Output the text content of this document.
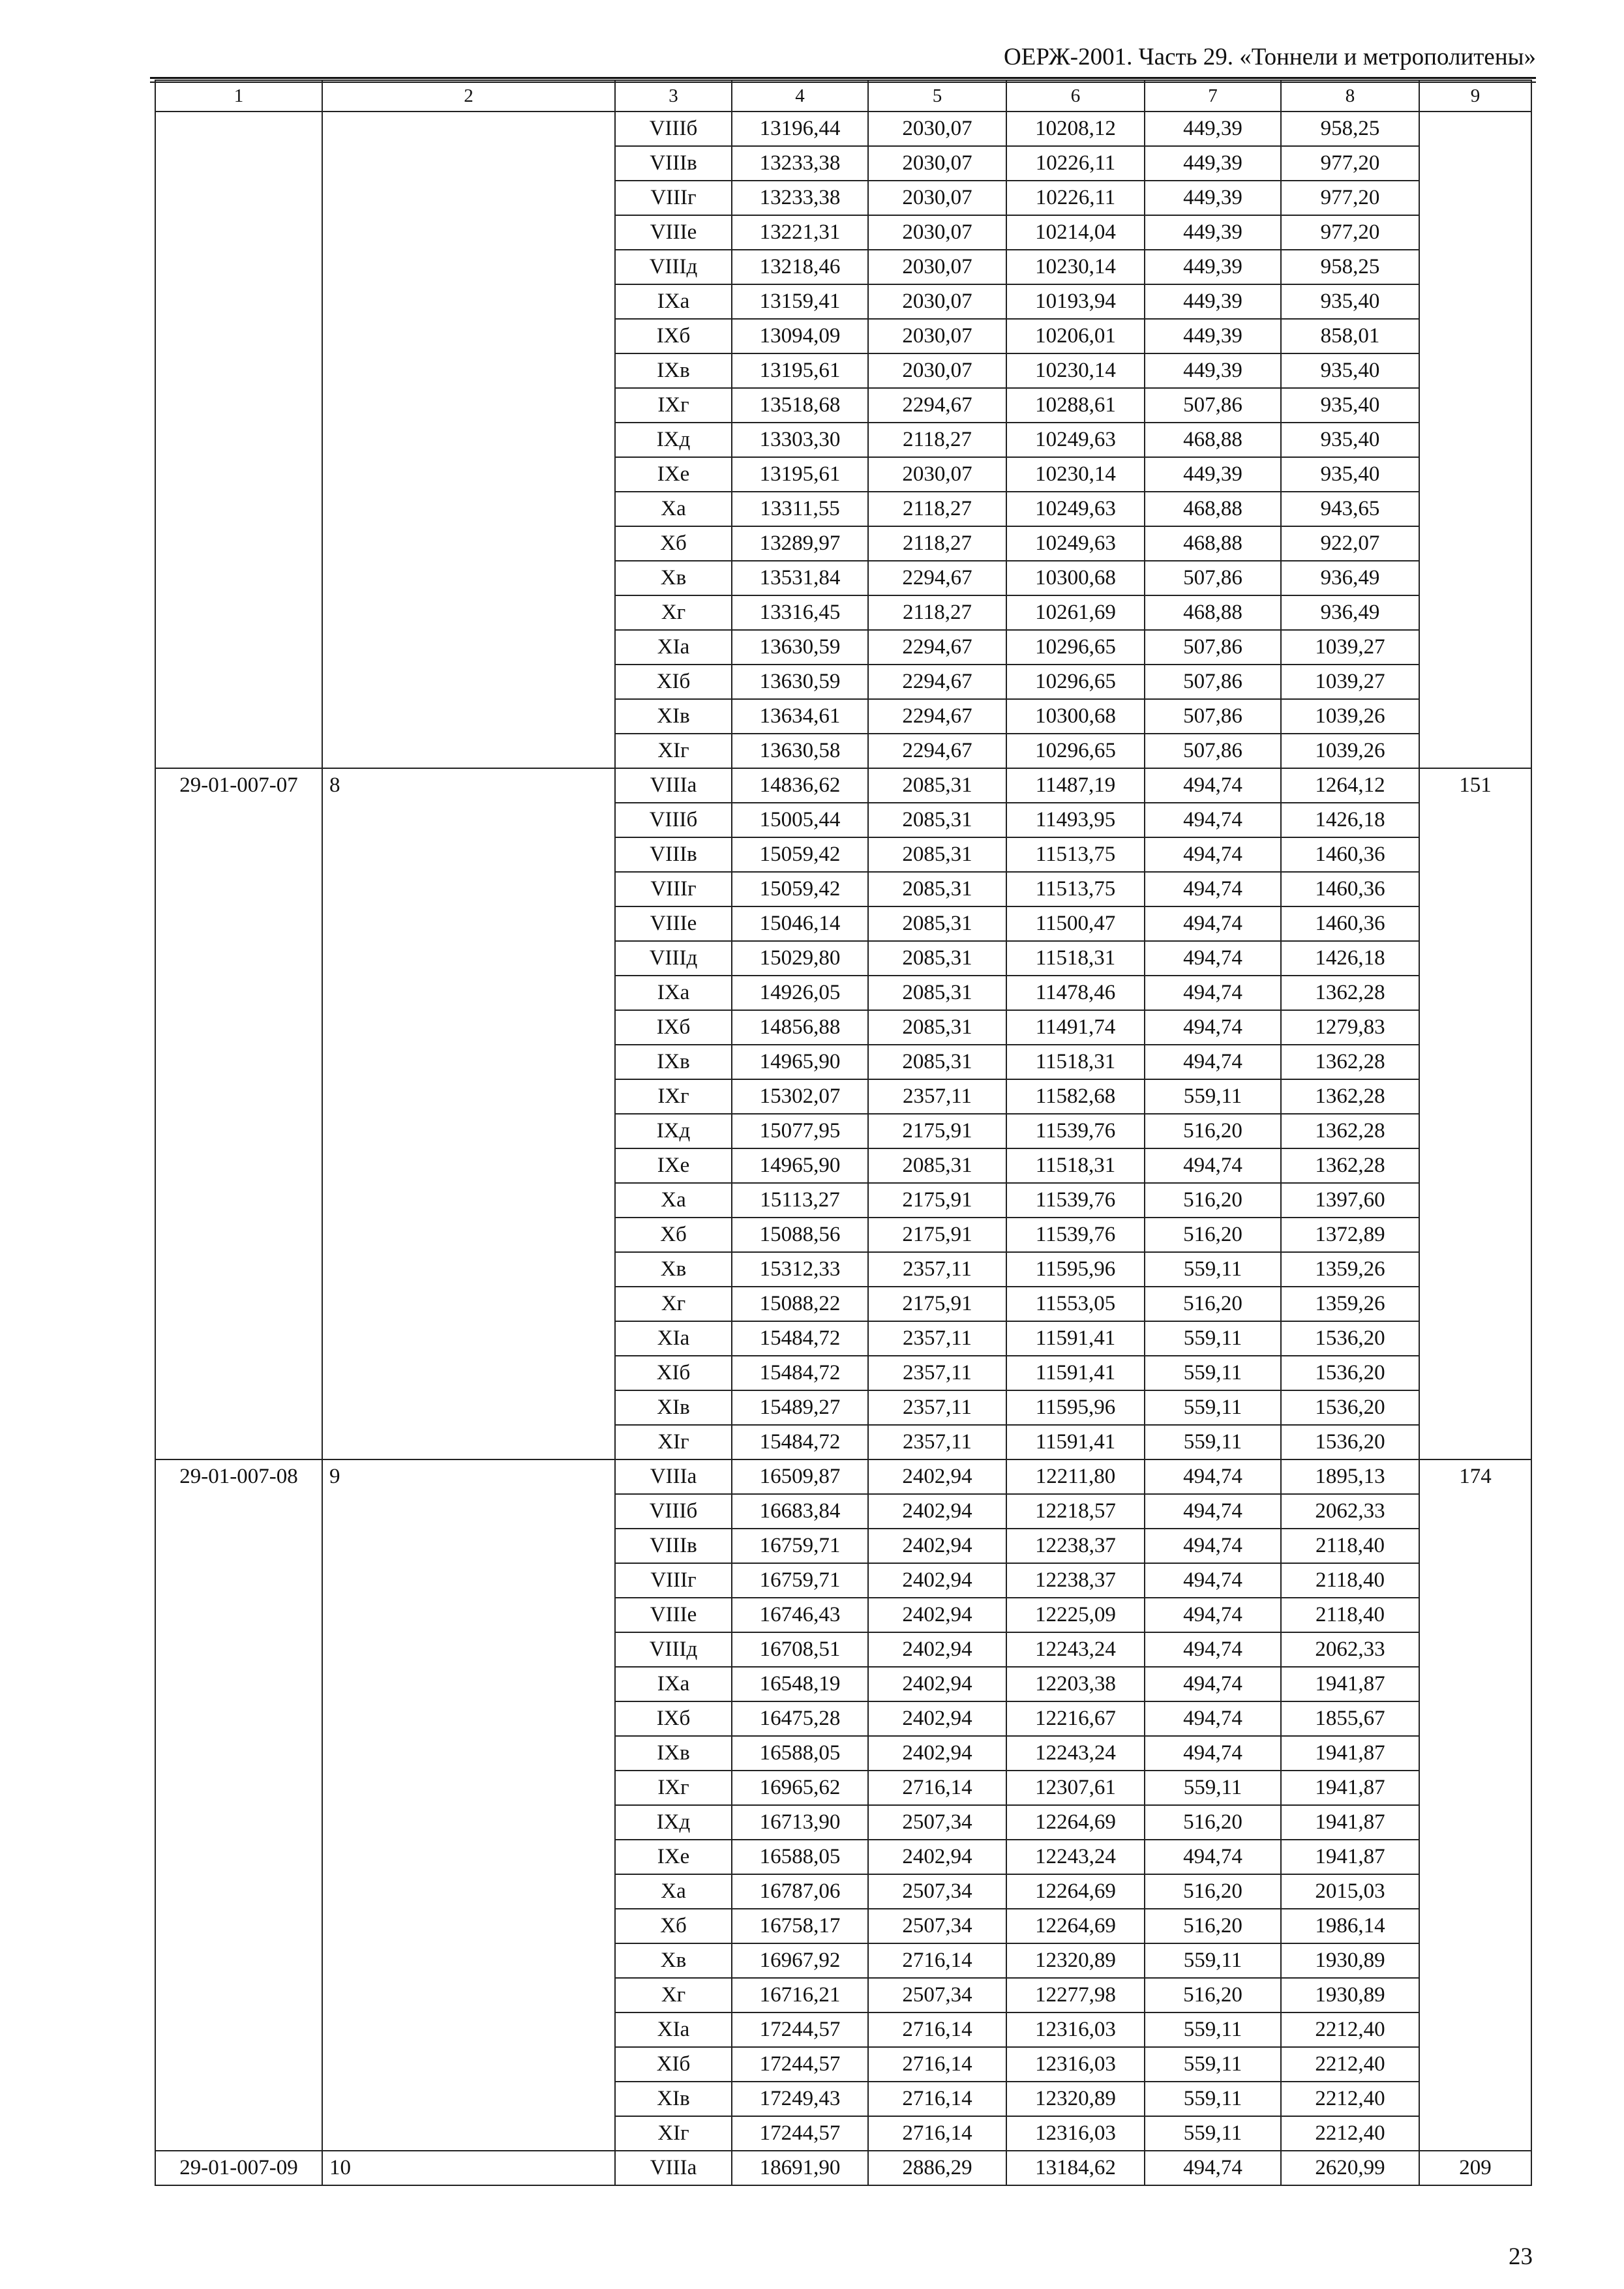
ОЕРЖ-2001. Часть 29. «Тоннели и метрополитены»
1	2	3	4	5	6	7	8	9
		VIIIб	13196,44	2030,07	10208,12	449,39	958,25	
		VIIIв	13233,38	2030,07	10226,11	449,39	977,20	
		VIIIг	13233,38	2030,07	10226,11	449,39	977,20	
		VIIIе	13221,31	2030,07	10214,04	449,39	977,20	
		VIIIд	13218,46	2030,07	10230,14	449,39	958,25	
		IXа	13159,41	2030,07	10193,94	449,39	935,40	
		IXб	13094,09	2030,07	10206,01	449,39	858,01	
		IXв	13195,61	2030,07	10230,14	449,39	935,40	
		IXг	13518,68	2294,67	10288,61	507,86	935,40	
		IXд	13303,30	2118,27	10249,63	468,88	935,40	
		IXе	13195,61	2030,07	10230,14	449,39	935,40	
		Xа	13311,55	2118,27	10249,63	468,88	943,65	
		Xб	13289,97	2118,27	10249,63	468,88	922,07	
		Xв	13531,84	2294,67	10300,68	507,86	936,49	
		Xг	13316,45	2118,27	10261,69	468,88	936,49	
		XIа	13630,59	2294,67	10296,65	507,86	1039,27	
		XIб	13630,59	2294,67	10296,65	507,86	1039,27	
		XIв	13634,61	2294,67	10300,68	507,86	1039,26	
		XIг	13630,58	2294,67	10296,65	507,86	1039,26	
29-01-007-07	8	VIIIа	14836,62	2085,31	11487,19	494,74	1264,12	151
		VIIIб	15005,44	2085,31	11493,95	494,74	1426,18	
		VIIIв	15059,42	2085,31	11513,75	494,74	1460,36	
		VIIIг	15059,42	2085,31	11513,75	494,74	1460,36	
		VIIIе	15046,14	2085,31	11500,47	494,74	1460,36	
		VIIIд	15029,80	2085,31	11518,31	494,74	1426,18	
		IXа	14926,05	2085,31	11478,46	494,74	1362,28	
		IXб	14856,88	2085,31	11491,74	494,74	1279,83	
		IXв	14965,90	2085,31	11518,31	494,74	1362,28	
		IXг	15302,07	2357,11	11582,68	559,11	1362,28	
		IXд	15077,95	2175,91	11539,76	516,20	1362,28	
		IXе	14965,90	2085,31	11518,31	494,74	1362,28	
		Xа	15113,27	2175,91	11539,76	516,20	1397,60	
		Xб	15088,56	2175,91	11539,76	516,20	1372,89	
		Xв	15312,33	2357,11	11595,96	559,11	1359,26	
		Xг	15088,22	2175,91	11553,05	516,20	1359,26	
		XIа	15484,72	2357,11	11591,41	559,11	1536,20	
		XIб	15484,72	2357,11	11591,41	559,11	1536,20	
		XIв	15489,27	2357,11	11595,96	559,11	1536,20	
		XIг	15484,72	2357,11	11591,41	559,11	1536,20	
29-01-007-08	9	VIIIа	16509,87	2402,94	12211,80	494,74	1895,13	174
		VIIIб	16683,84	2402,94	12218,57	494,74	2062,33	
		VIIIв	16759,71	2402,94	12238,37	494,74	2118,40	
		VIIIг	16759,71	2402,94	12238,37	494,74	2118,40	
		VIIIе	16746,43	2402,94	12225,09	494,74	2118,40	
		VIIIд	16708,51	2402,94	12243,24	494,74	2062,33	
		IXа	16548,19	2402,94	12203,38	494,74	1941,87	
		IXб	16475,28	2402,94	12216,67	494,74	1855,67	
		IXв	16588,05	2402,94	12243,24	494,74	1941,87	
		IXг	16965,62	2716,14	12307,61	559,11	1941,87	
		IXд	16713,90	2507,34	12264,69	516,20	1941,87	
		IXе	16588,05	2402,94	12243,24	494,74	1941,87	
		Xа	16787,06	2507,34	12264,69	516,20	2015,03	
		Xб	16758,17	2507,34	12264,69	516,20	1986,14	
		Xв	16967,92	2716,14	12320,89	559,11	1930,89	
		Xг	16716,21	2507,34	12277,98	516,20	1930,89	
		XIа	17244,57	2716,14	12316,03	559,11	2212,40	
		XIб	17244,57	2716,14	12316,03	559,11	2212,40	
		XIв	17249,43	2716,14	12320,89	559,11	2212,40	
		XIг	17244,57	2716,14	12316,03	559,11	2212,40	
29-01-007-09	10	VIIIа	18691,90	2886,29	13184,62	494,74	2620,99	209
23
